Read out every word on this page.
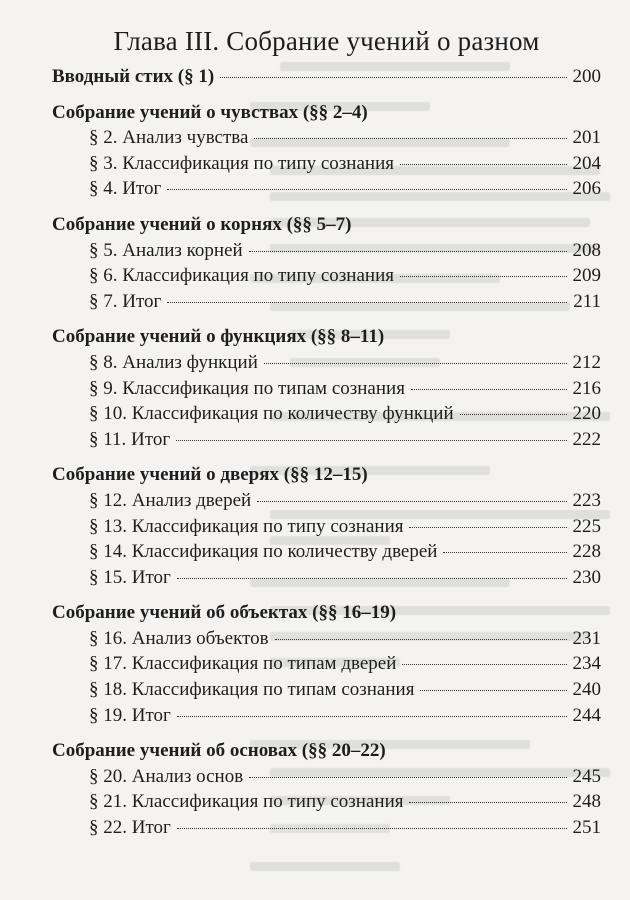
Глава III. Собрание учений о разном
Вводный стих (§ 1)	200
Собрание учений о чувствах (§§ 2–4)
§ 2. Анализ чувства	201
§ 3. Классификация по типу сознания	204
§ 4. Итог	206
Собрание учений о корнях (§§ 5–7)
§ 5. Анализ корней	208
§ 6. Классификация по типу сознания	209
§ 7. Итог	211
Собрание учений о функциях (§§ 8–11)
§ 8. Анализ функций	212
§ 9. Классификация по типам сознания	216
§ 10. Классификация по количеству функций	220
§ 11. Итог	222
Собрание учений о дверях (§§ 12–15)
§ 12. Анализ дверей	223
§ 13. Классификация по типу сознания	225
§ 14. Классификация по количеству дверей	228
§ 15. Итог	230
Собрание учений об объектах (§§ 16–19)
§ 16. Анализ объектов	231
§ 17. Классификация по типам дверей	234
§ 18. Классификация по типам сознания	240
§ 19. Итог	244
Собрание учений об основах (§§ 20–22)
§ 20. Анализ основ	245
§ 21. Классификация по типу сознания	248
§ 22. Итог	251
